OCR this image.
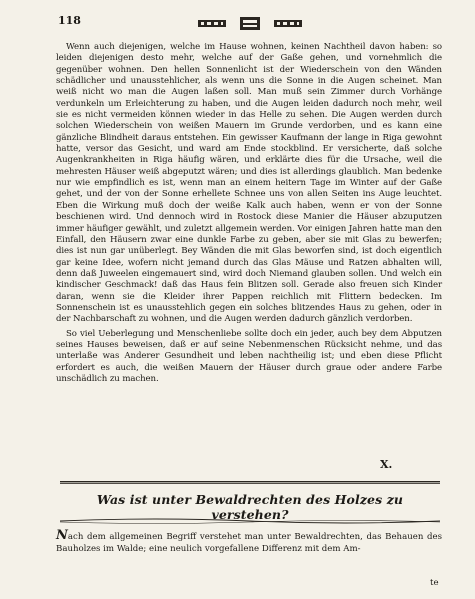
118

Wenn auch diejenigen, welche im Hause wohnen, keinen Nachtheil davon haben: so leiden diejenigen desto mehr, welche auf der Gaße gehen, und vornehmlich die gegenüber wohnen. Den hellen Sonnenlicht ist der Wiederschein von den Wänden schädlicher und unausstehlicher, als wenn uns die Sonne in die Augen scheinet. Man weiß nicht wo man die Augen laßen soll. Man muß sein Zimmer durch Vorhänge verdunkeln um Erleichterung zu haben, und die Augen leiden dadurch noch mehr, weil sie es nicht vermeiden können wieder in das Helle zu sehen. Die Augen werden durch solchen Wiederschein von weißen Mauern im Grunde verdorben, und es kann eine gänzliche Blindheit daraus entstehen. Ein gewisser Kaufmann der lange in Riga gewohnt hatte, versor das Gesicht, und ward am Ende stockblind. Er versicherte, daß solche Augenkrankheiten in Riga häufig wären, und erklärte dies für die Ursache, weil die mehresten Häuser weiß abgeputzt wären; und dies ist allerdings glaublich. Man bedenke nur wie empfindlich es ist, wenn man an einem heitern Tage im Winter auf der Gaße gehet, und der von der Sonne erhellete Schnee uns von allen Seiten ins Auge leuchtet. Eben die Wirkung muß doch der weiße Kalk auch haben, wenn er von der Sonne beschienen wird. Und dennoch wird in Rostock diese Manier die Häuser abzuputzen immer häufiger gewählt, und zuletzt allgemein werden. Vor einigen Jahren hatte man den Einfall, den Häusern zwar eine dunkle Farbe zu geben, aber sie mit Glas zu bewerfen; dies ist nun gar unüberlegt. Bey Wänden die mit Glas beworfen sind, ist doch eigentlich gar keine Idee, wofern nicht jemand durch das Glas Mäuse und Ratzen abhalten will, denn daß Juweelen eingemauert sind, wird doch Niemand glauben sollen. Und welch ein kindischer Geschmack! daß das Haus fein Blitzen soll. Gerade also freuen sich Kinder daran, wenn sie die Kleider ihrer Pappen reichlich mit Flittern bedecken. Im Sonnenschein ist es unausstehlich gegen ein solches blitzendes Haus zu gehen, oder in der Nachbarschaft zu wohnen, und die Augen werden dadurch gänzlich verdorben.

So viel Ueberlegung und Menschenliebe sollte doch ein jeder, auch bey dem Abputzen seines Hauses beweisen, daß er auf seine Nebenmenschen Rücksicht nehme, und das unterlaße was Anderer Gesundheit und leben nachtheilig ist; und eben diese Pflicht erfordert es auch, die weißen Mauern der Häuser durch graue oder andere Farbe unschädlich zu machen.

X.
Was ist unter Bewaldrechten des Holzes zu verstehen?
Nach dem allgemeinen Begriff verstehet man unter Bewaldrechten, das Behauen des Bauholzes im Walde; eine neulich vorgefallene Differenz mit dem Am-
te
